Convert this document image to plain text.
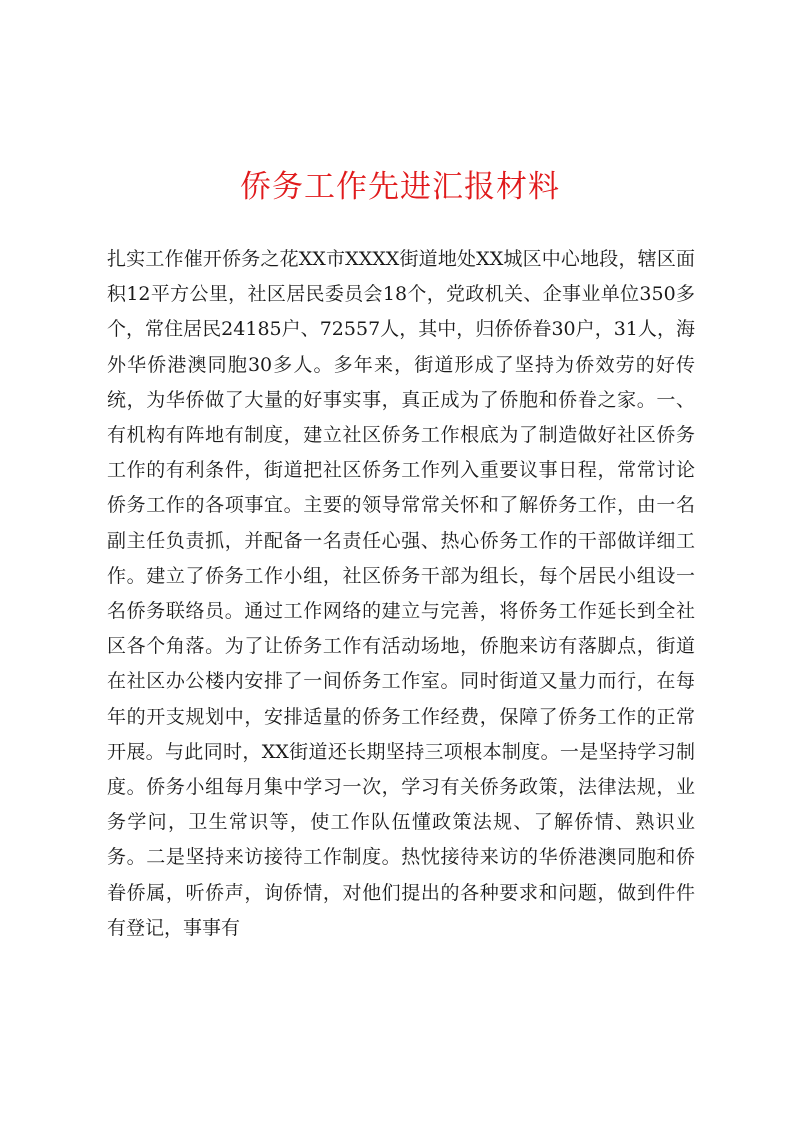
侨务工作先进汇报材料

扎实工作催开侨务之花XX市XXXX街道地处XX城区中心地段，辖区面积12平方公里，社区居民委员会18个，党政机关、企事业单位350多个，常住居民24185户、72557人，其中，归侨侨眷30户，31人，海外华侨港澳同胞30多人。多年来，街道形成了坚持为侨效劳的好传统，为华侨做了大量的好事实事，真正成为了侨胞和侨眷之家。一、有机构有阵地有制度，建立社区侨务工作根底为了制造做好社区侨务工作的有利条件，街道把社区侨务工作列入重要议事日程，常常讨论侨务工作的各项事宜。主要的领导常常关怀和了解侨务工作，由一名副主任负责抓，并配备一名责任心强、热心侨务工作的干部做详细工作。建立了侨务工作小组，社区侨务干部为组长，每个居民小组设一名侨务联络员。通过工作网络的建立与完善，将侨务工作延长到全社区各个角落。为了让侨务工作有活动场地，侨胞来访有落脚点，街道在社区办公楼内安排了一间侨务工作室。同时街道又量力而行，在每年的开支规划中，安排适量的侨务工作经费，保障了侨务工作的正常开展。与此同时，XX街道还长期坚持三项根本制度。一是坚持学习制度。侨务小组每月集中学习一次，学习有关侨务政策，法律法规，业务学问，卫生常识等，使工作队伍懂政策法规、了解侨情、熟识业务。二是坚持来访接待工作制度。热忱接待来访的华侨港澳同胞和侨眷侨属，听侨声，询侨情，对他们提出的各种要求和问题，做到件件有登记，事事有
